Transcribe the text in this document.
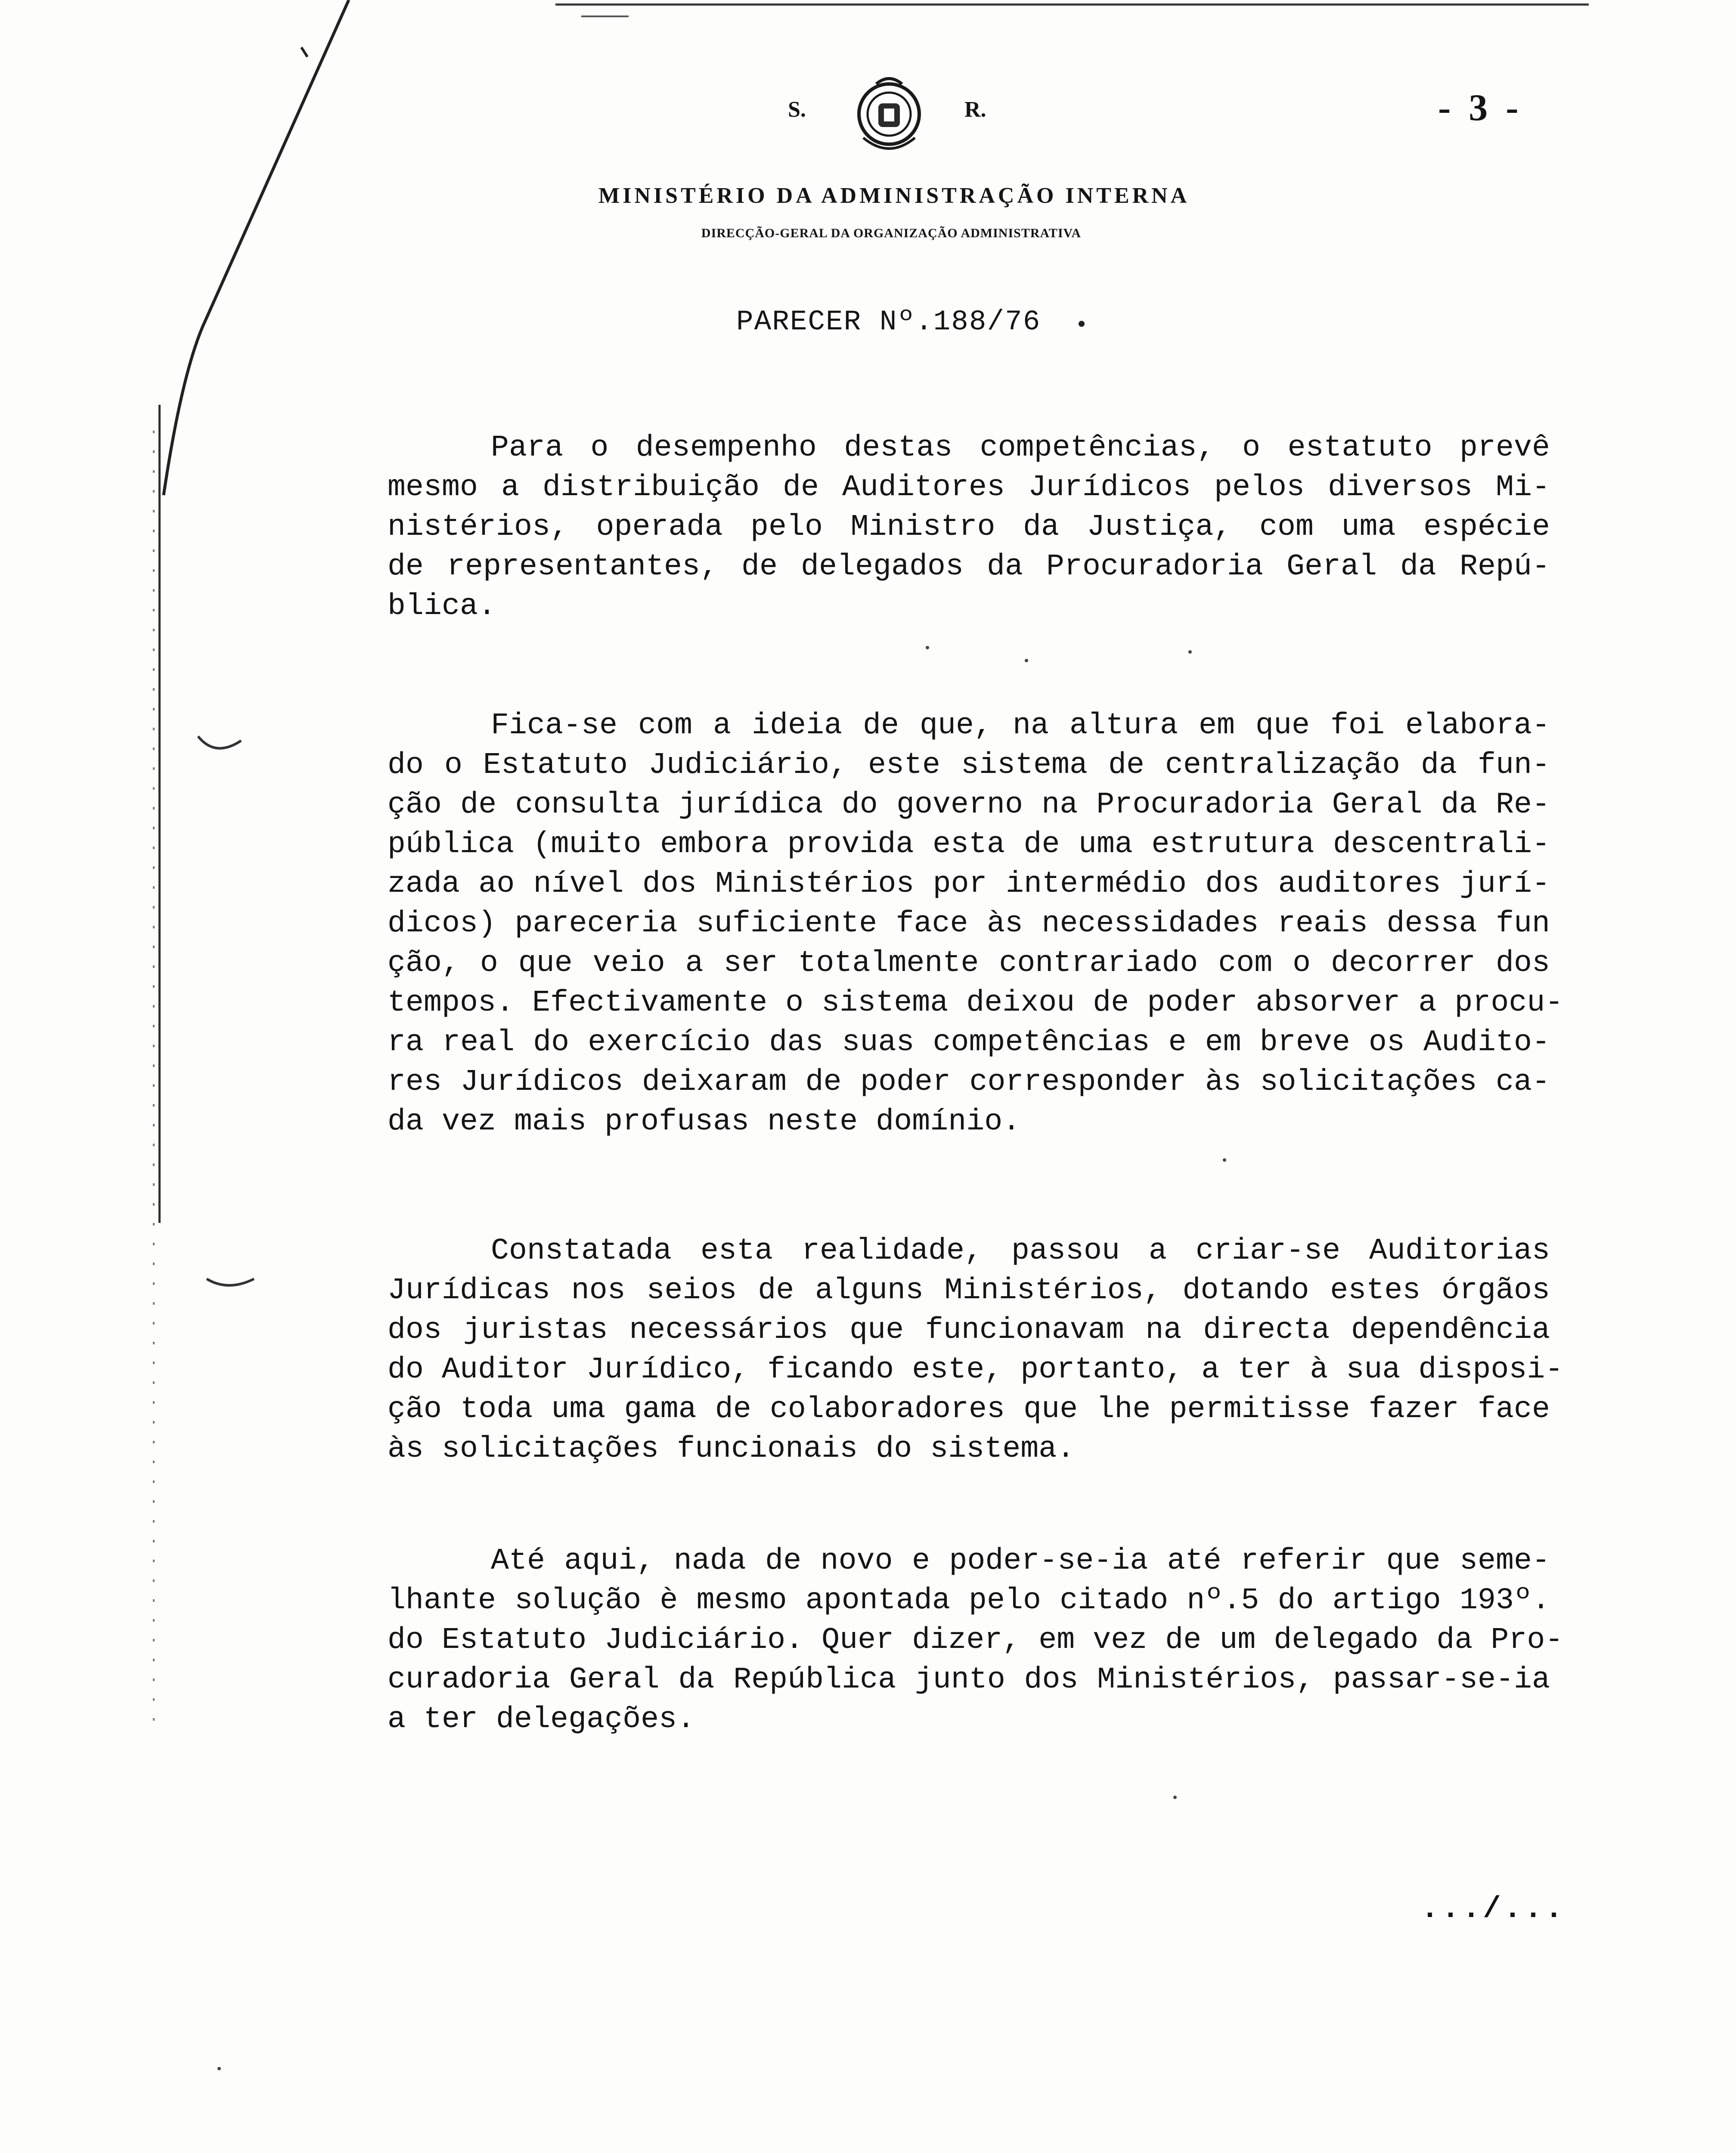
S.	R.	- 3 -
MINISTÉRIO DA ADMINISTRAÇÃO INTERNA
DIRECÇÃO-GERAL DA ORGANIZAÇÃO ADMINISTRATIVA
PARECER Nº.188/76
Para o desempenho destas competências, o estatuto prevê
mesmo a distribuição de Auditores Jurídicos pelos diversos Mi-
nistérios, operada pelo Ministro da Justiça, com uma espécie
de representantes, de delegados da Procuradoria Geral da Repú-
blica.
Fica-se com a ideia de que, na altura em que foi elabora-
do o Estatuto Judiciário, este sistema de centralização da fun-
ção de consulta jurídica do governo na Procuradoria Geral da Re-
pública (muito embora provida esta de uma estrutura descentrali-
zada ao nível dos Ministérios por intermédio dos auditores jurí-
dicos) pareceria suficiente face às necessidades reais dessa fun
ção, o que veio a ser totalmente contrariado com o decorrer dos
tempos. Efectivamente o sistema deixou de poder absorver a procu-
ra real do exercício das suas competências e em breve os Audito-
res Jurídicos deixaram de poder corresponder às solicitações ca-
da vez mais profusas neste domínio.
Constatada esta realidade, passou a criar-se Auditorias
Jurídicas nos seios de alguns Ministérios, dotando estes órgãos
dos juristas necessários que funcionavam na directa dependência
do Auditor Jurídico, ficando este, portanto, a ter à sua disposi-
ção toda uma gama de colaboradores que lhe permitisse fazer face
às solicitações funcionais do sistema.
Até aqui, nada de novo e poder-se-ia até referir que seme-
lhante solução è mesmo apontada pelo citado nº.5 do artigo 193º.
do Estatuto Judiciário. Quer dizer, em vez de um delegado da Pro-
curadoria Geral da República junto dos Ministérios, passar-se-ia
a ter delegações.
.../...
